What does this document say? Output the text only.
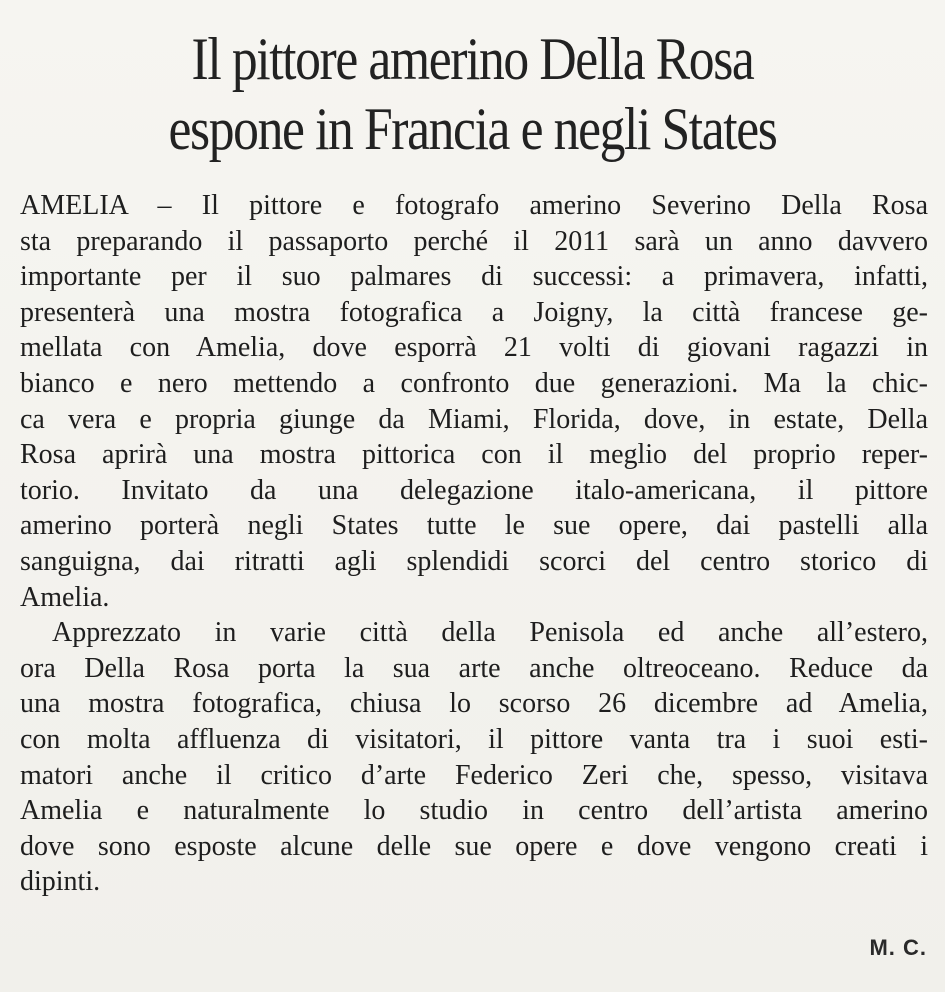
Il pittore amerino Della Rosa
espone in Francia e negli States
AMELIA – Il pittore e fotografo amerino Severino Della Rosa
sta preparando il passaporto perché il 2011 sarà un anno davvero
importante per il suo palmares di successi: a primavera, infatti,
presenterà una mostra fotografica a Joigny, la città francese ge-
mellata con Amelia, dove esporrà 21 volti di giovani ragazzi in
bianco e nero mettendo a confronto due generazioni. Ma la chic-
ca vera e propria giunge da Miami, Florida, dove, in estate, Della
Rosa aprirà una mostra pittorica con il meglio del proprio reper-
torio. Invitato da una delegazione italo-americana, il pittore
amerino porterà negli States tutte le sue opere, dai pastelli alla
sanguigna, dai ritratti agli splendidi scorci del centro storico di
Amelia.
Apprezzato in varie città della Penisola ed anche all’estero,
ora Della Rosa porta la sua arte anche oltreoceano. Reduce da
una mostra fotografica, chiusa lo scorso 26 dicembre ad Amelia,
con molta affluenza di visitatori, il pittore vanta tra i suoi esti-
matori anche il critico d’arte Federico Zeri che, spesso, visitava
Amelia e naturalmente lo studio in centro dell’artista amerino
dove sono esposte alcune delle sue opere e dove vengono creati i
dipinti.
M. C.
